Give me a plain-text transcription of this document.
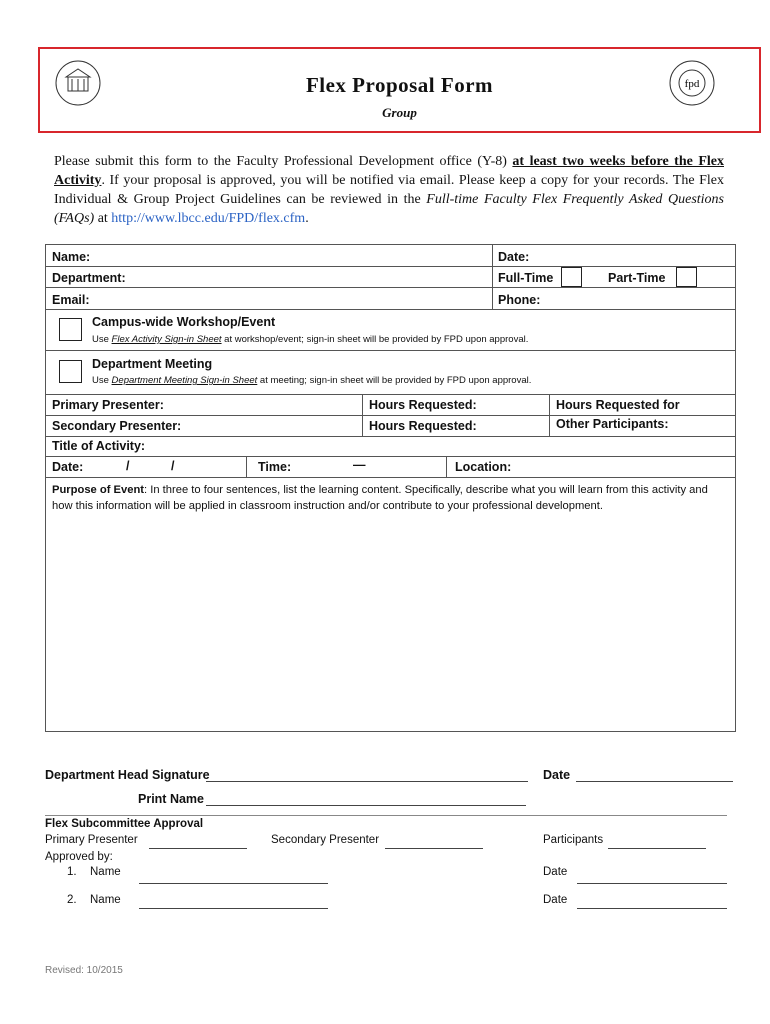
Flex Proposal Form
Group
fpd
Please submit this form to the Faculty Professional Development office (Y-8) at least two weeks before the Flex Activity. If your proposal is approved, you will be notified via email. Please keep a copy for your records. The Flex Individual & Group Project Guidelines can be reviewed in the Full-time Faculty Flex Frequently Asked Questions (FAQs) at http://www.lbcc.edu/FPD/flex.cfm.
Name:	Date:
Department:	Full-Time	Part-Time
Email:	Phone:
Campus-wide Workshop/Event
Use Flex Activity Sign-in Sheet at workshop/event; sign-in sheet will be provided by FPD upon approval.
Department Meeting
Use Department Meeting Sign-in Sheet at meeting; sign-in sheet will be provided by FPD upon approval.
Primary Presenter:	Hours Requested:	Hours Requested for
Secondary Presenter:	Hours Requested:	Other Participants:
Title of Activity:
Date:	/	/	Time:	—	Location:
Purpose of Event: In three to four sentences, list the learning content. Specifically, describe what you will learn from this activity and how this information will be applied in classroom instruction and/or contribute to your professional development.
Department Head Signature	Date
Print Name
Flex Subcommittee Approval
Primary Presenter	Secondary Presenter	Participants
Approved by:
1. Name	Date
2. Name	Date
Revised: 10/2015
